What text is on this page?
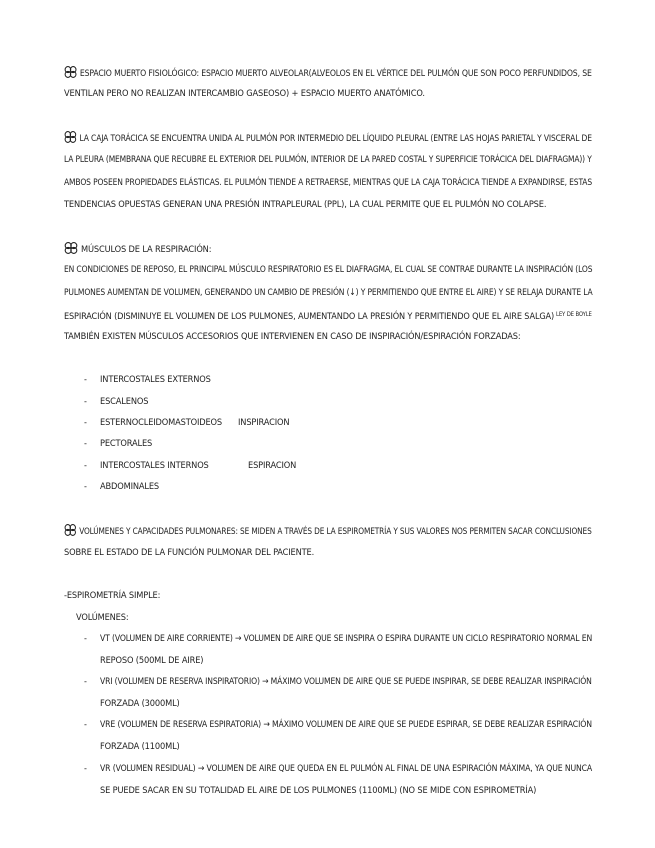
ESPACIO MUERTO FISIOLÓGICO: ESPACIO MUERTO ALVEOLAR(ALVEOLOS EN EL VÉRTICE DEL PULMÓN QUE SON POCO PERFUNDIDOS, SE
VENTILAN PERO NO REALIZAN INTERCAMBIO GASEOSO) + ESPACIO MUERTO ANATÓMICO.
LA CAJA TORÁCICA SE ENCUENTRA UNIDA AL PULMÓN POR INTERMEDIO DEL LÍQUIDO PLEURAL (ENTRE LAS HOJAS PARIETAL Y VISCERAL DE
LA PLEURA (MEMBRANA QUE RECUBRE EL EXTERIOR DEL PULMÓN, INTERIOR DE LA PARED COSTAL Y SUPERFICIE TORÁCICA DEL DIAFRAGMA)) Y
AMBOS POSEEN PROPIEDADES ELÁSTICAS. EL PULMÓN TIENDE A RETRAERSE, MIENTRAS QUE LA CAJA TORÁCICA TIENDE A EXPANDIRSE, ESTAS
TENDENCIAS OPUESTAS GENERAN UNA PRESIÓN INTRAPLEURAL (PPL), LA CUAL PERMITE QUE EL PULMÓN NO COLAPSE.
MÚSCULOS DE LA RESPIRACIÓN:
EN CONDICIONES DE REPOSO, EL PRINCIPAL MÚSCULO RESPIRATORIO ES EL DIAFRAGMA, EL CUAL SE CONTRAE DURANTE LA INSPIRACIÓN (LOS
PULMONES AUMENTAN DE VOLUMEN, GENERANDO UN CAMBIO DE PRESIÓN (↓) Y PERMITIENDO QUE ENTRE EL AIRE) Y SE RELAJA DURANTE LA
ESPIRACIÓN (DISMINUYE EL VOLUMEN DE LOS PULMONES, AUMENTANDO LA PRESIÓN Y PERMITIENDO QUE EL AIRE SALGA) $^{LEY DE BOYLE}$
TAMBIÉN EXISTEN MÚSCULOS ACCESORIOS QUE INTERVIENEN EN CASO DE INSPIRACIÓN/ESPIRACIÓN FORZADAS:
- INTERCOSTALES EXTERNOS
- ESCALENOS
- ESTERNOCLEIDOMASTOIDEOS INSPIRACION
- PECTORALES
- INTERCOSTALES INTERNOS	ESPIRACION
- ABDOMINALES
VOLÚMENES Y CAPACIDADES PULMONARES: SE MIDEN A TRAVÉS DE LA ESPIROMETRÍA Y SUS VALORES NOS PERMITEN SACAR CONCLUSIONES
SOBRE EL ESTADO DE LA FUNCIÓN PULMONAR DEL PACIENTE.
-ESPIROMETRÍA SIMPLE:
VOLÚMENES:
- VT (VOLUMEN DE AIRE CORRIENTE) → VOLUMEN DE AIRE QUE SE INSPIRA O ESPIRA DURANTE UN CICLO RESPIRATORIO NORMAL EN
REPOSO (500ML DE AIRE)
- VRI (VOLUMEN DE RESERVA INSPIRATORIO) → MÁXIMO VOLUMEN DE AIRE QUE SE PUEDE INSPIRAR, SE DEBE REALIZAR INSPIRACIÓN
FORZADA (3000ML)
- VRE (VOLUMEN DE RESERVA ESPIRATORIA) → MÁXIMO VOLUMEN DE AIRE QUE SE PUEDE ESPIRAR, SE DEBE REALIZAR ESPIRACIÓN
FORZADA (1100ML)
- VR (VOLUMEN RESIDUAL) → VOLUMEN DE AIRE QUE QUEDA EN EL PULMÓN AL FINAL DE UNA ESPIRACIÓN MÁXIMA, YA QUE NUNCA
SE PUEDE SACAR EN SU TOTALIDAD EL AIRE DE LOS PULMONES (1100ML) (NO SE MIDE CON ESPIROMETRÍA)
